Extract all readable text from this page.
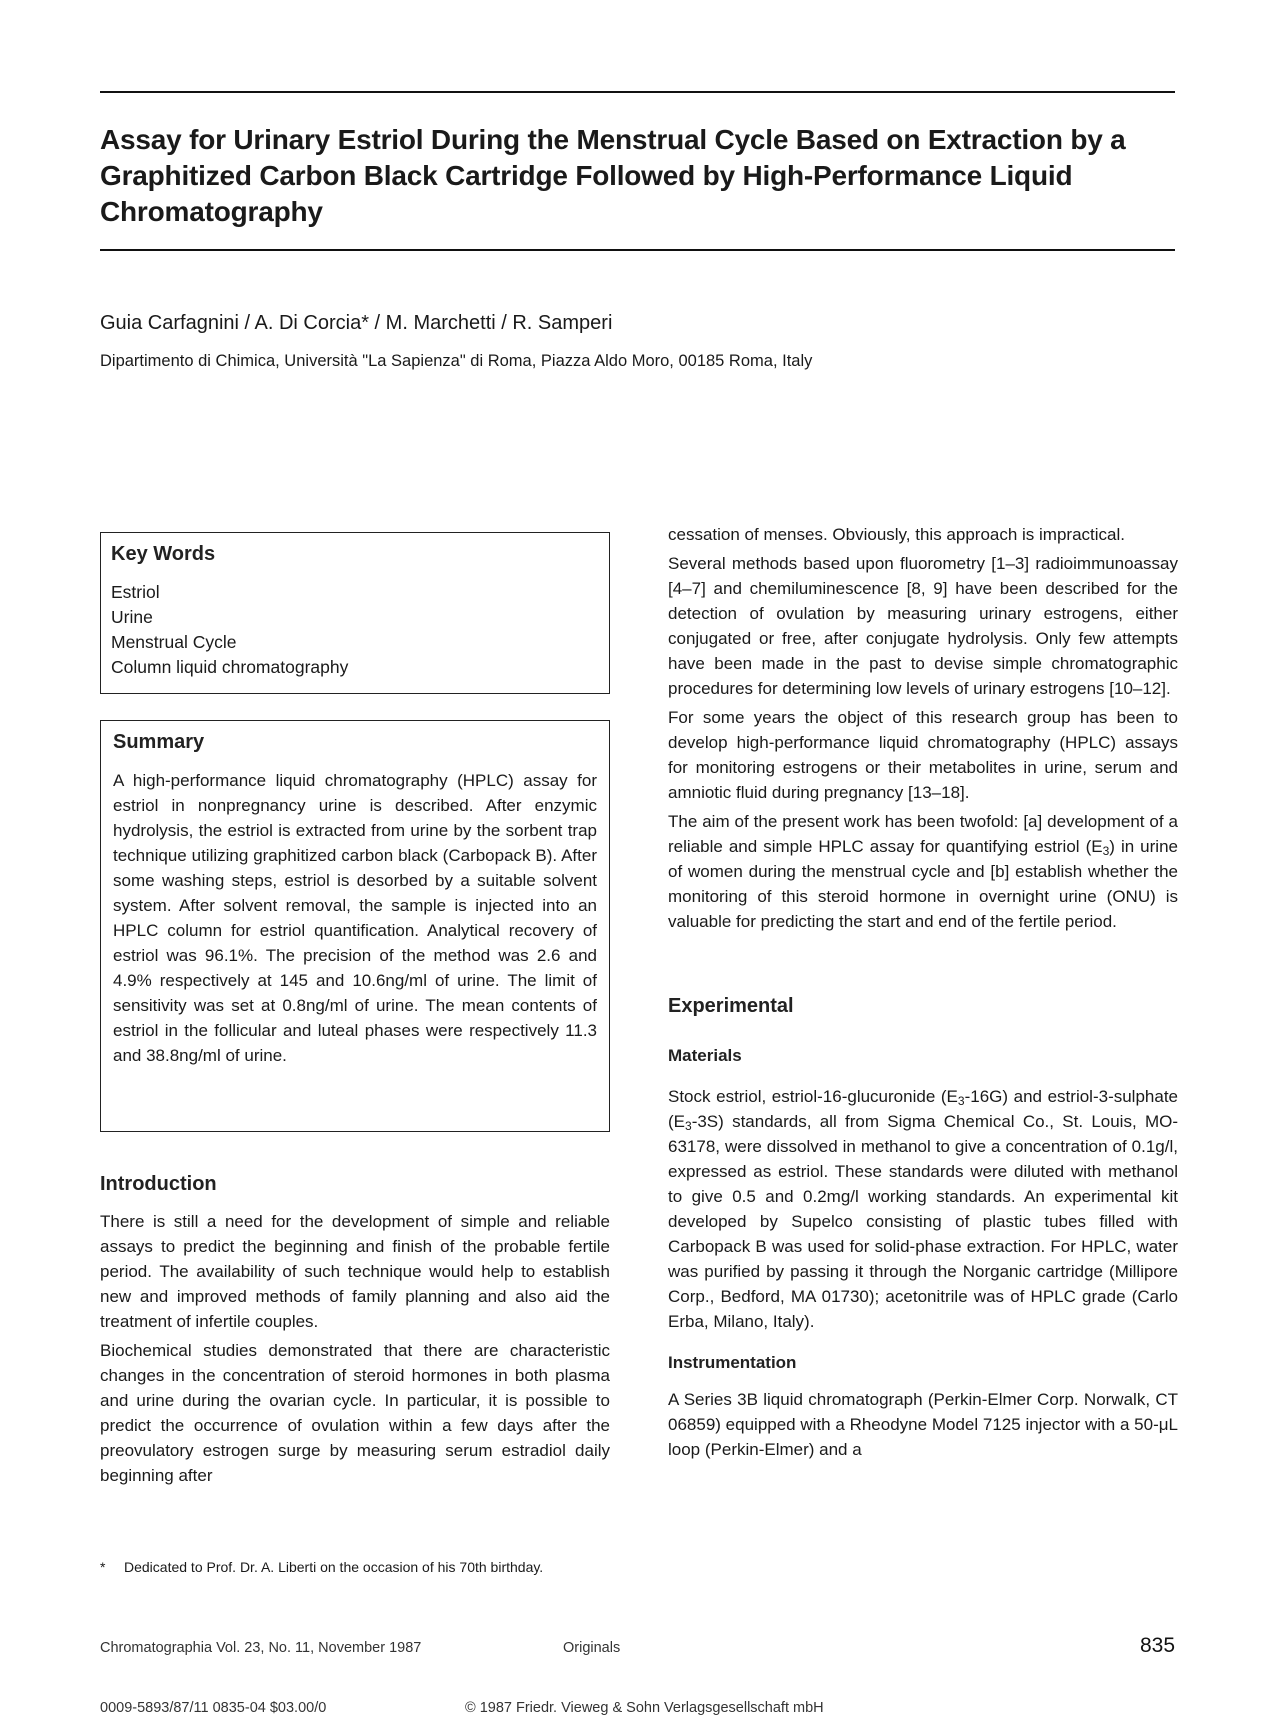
Assay for Urinary Estriol During the Menstrual Cycle Based on Extraction by a Graphitized Carbon Black Cartridge Followed by High-Performance Liquid Chromatography
Guia Carfagnini / A. Di Corcia* / M. Marchetti / R. Samperi
Dipartimento di Chimica, Università "La Sapienza" di Roma, Piazza Aldo Moro, 00185 Roma, Italy
Key Words
Estriol
Urine
Menstrual Cycle
Column liquid chromatography
Summary
A high-performance liquid chromatography (HPLC) assay for estriol in nonpregnancy urine is described. After enzymic hydrolysis, the estriol is extracted from urine by the sorbent trap technique utilizing graphitized carbon black (Carbopack B). After some washing steps, estriol is desorbed by a suitable solvent system. After solvent removal, the sample is injected into an HPLC column for estriol quantification. Analytical recovery of estriol was 96.1%. The precision of the method was 2.6 and 4.9% respectively at 145 and 10.6ng/ml of urine. The limit of sensitivity was set at 0.8ng/ml of urine. The mean contents of estriol in the follicular and luteal phases were respectively 11.3 and 38.8ng/ml of urine.
Introduction

There is still a need for the development of simple and reliable assays to predict the beginning and finish of the probable fertile period. The availability of such technique would help to establish new and improved methods of family planning and also aid the treatment of infertile couples.

Biochemical studies demonstrated that there are characteristic changes in the concentration of steroid hormones in both plasma and urine during the ovarian cycle. In particular, it is possible to predict the occurrence of ovulation within a few days after the preovulatory estrogen surge by measuring serum estradiol daily beginning after

*	Dedicated to Prof. Dr. A. Liberti on the occasion of his 70th birthday.

cessation of menses. Obviously, this approach is impractical.

Several methods based upon fluorometry [1–3] radioimmunoassay [4–7] and chemiluminescence [8, 9] have been described for the detection of ovulation by measuring urinary estrogens, either conjugated or free, after conjugate hydrolysis. Only few attempts have been made in the past to devise simple chromatographic procedures for determining low levels of urinary estrogens [10–12].

For some years the object of this research group has been to develop high-performance liquid chromatography (HPLC) assays for monitoring estrogens or their metabolites in urine, serum and amniotic fluid during pregnancy [13–18].

The aim of the present work has been twofold: [a] development of a reliable and simple HPLC assay for quantifying estriol $(E_3)$ in urine of women during the menstrual cycle and [b] establish whether the monitoring of this steroid hormone in overnight urine (ONU) is valuable for predicting the start and end of the fertile period.

Experimental
Materials

Stock estriol, estriol-16-glucuronide $(E_3-16G)$ and estriol-3-sulphate $(E_3-3S)$ standards, all from Sigma Chemical Co., St. Louis, MO-63178, were dissolved in methanol to give a concentration of 0.1g/l, expressed as estriol. These standards were diluted with methanol to give 0.5 and 0.2mg/l working standards. An experimental kit developed by Supelco consisting of plastic tubes filled with Carbopack B was used for solid-phase extraction. For HPLC, water was purified by passing it through the Norganic cartridge (Millipore Corp., Bedford, MA 01730); acetonitrile was of HPLC grade (Carlo Erba, Milano, Italy).

Instrumentation

A Series 3B liquid chromatograph (Perkin-Elmer Corp. Norwalk, CT 06859) equipped with a Rheodyne Model 7125 injector with a 50-μL loop (Perkin-Elmer) and a

Chromatographia Vol. 23, No. 11, November 1987	Originals	835
0009-5893/87/11 0835-04 $03.00/0	© 1987 Friedr. Vieweg & Sohn Verlagsgesellschaft mbH
